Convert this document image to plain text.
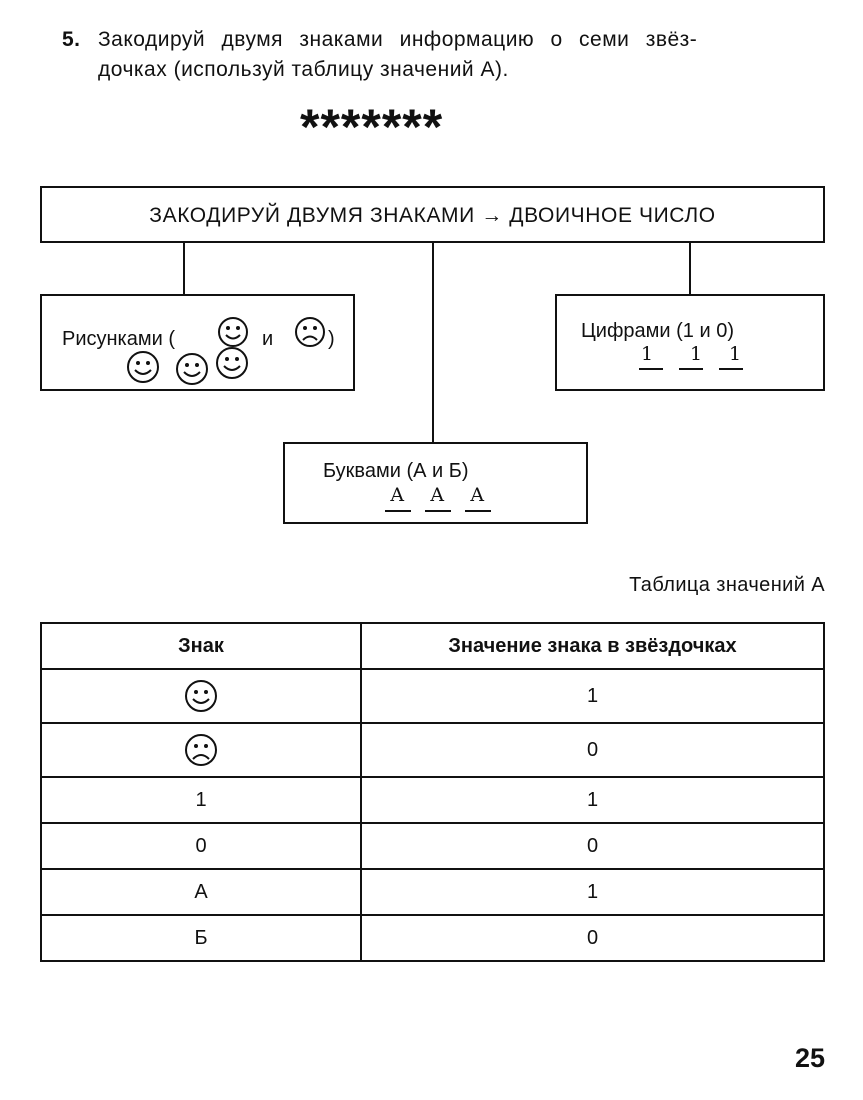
5. Закодируй двумя знаками информацию о семи звёз-
дочках (используй таблицу значений А).
*******
ЗАКОДИРУЙ ДВУМЯ ЗНАКАМИ → ДВОИЧНОЕ ЧИСЛО
Рисунками (	и	)	Цифрами (1 и 0)
1 1 1
Буквами (А и Б)
А А А
Таблица значений А
Знак	Значение знака в звёздочках
	1
	0
1	1
0	0
А	1
Б	0
25
